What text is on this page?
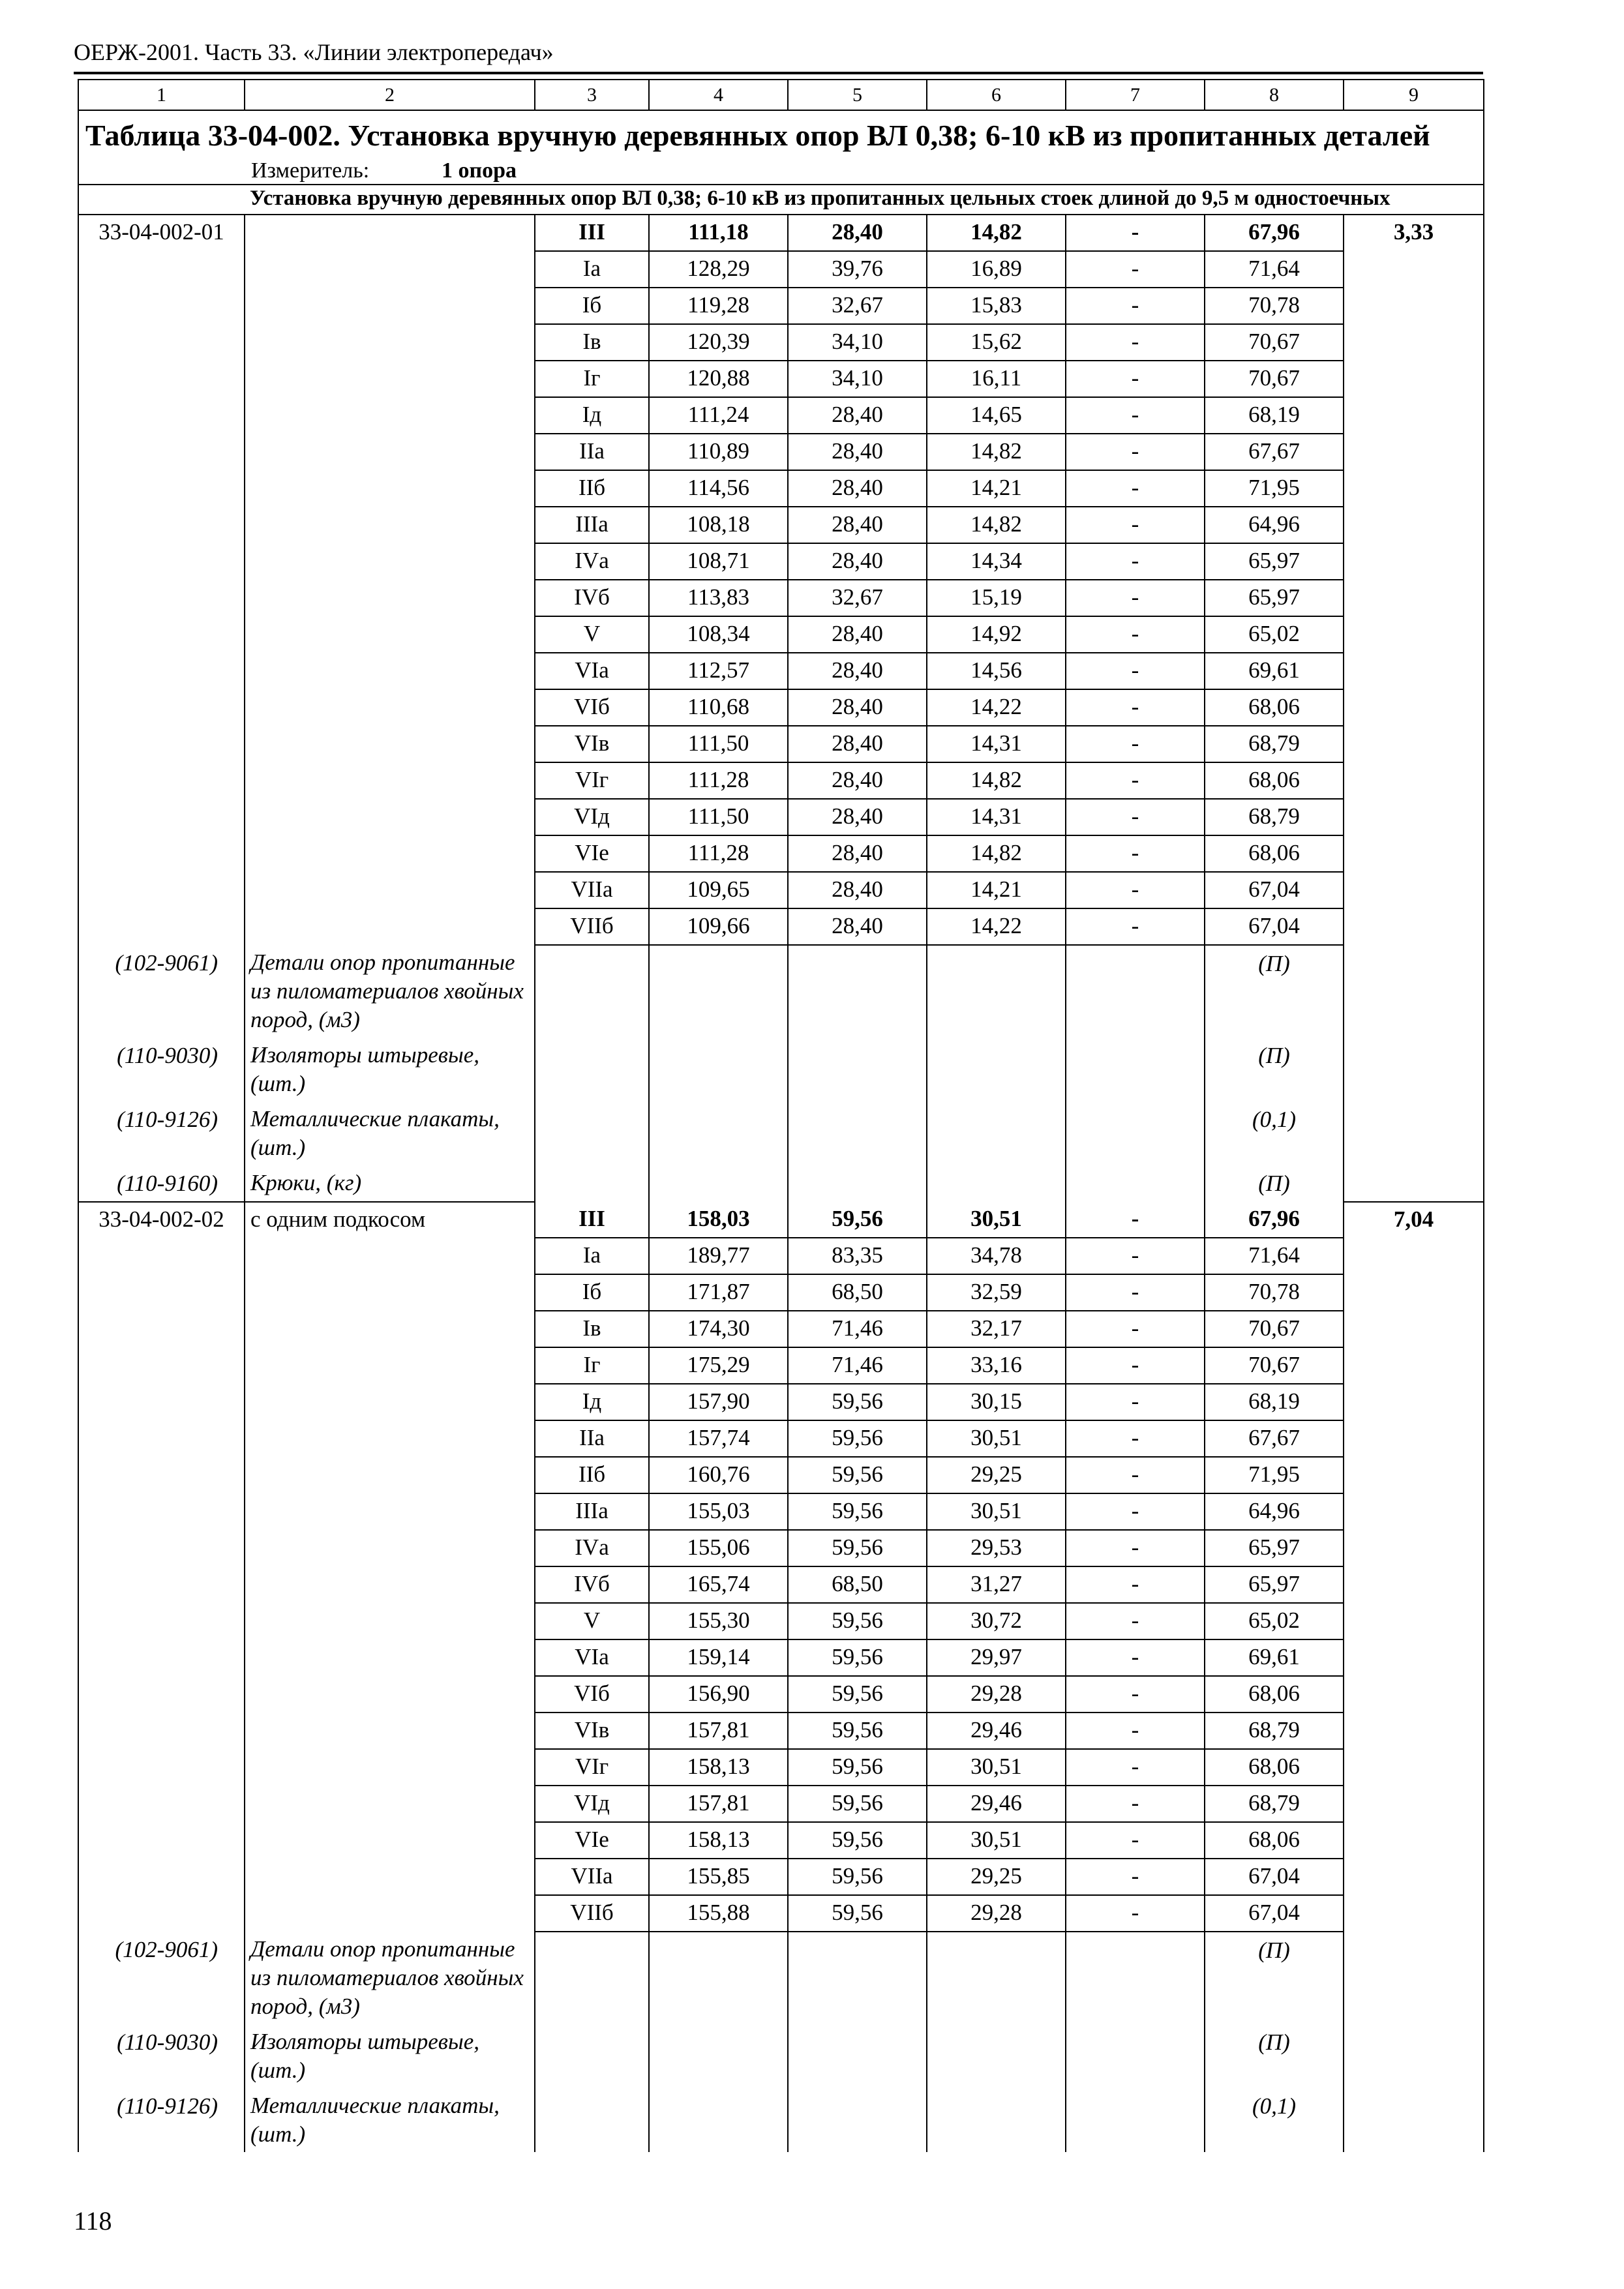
ОЕРЖ-2001. Часть 33. «Линии электропередач»
1	2	3	4	5	6	7	8	9
Таблица 33-04-002. Установка вручную деревянных опор ВЛ 0,38; 6-10 кВ из пропитанных деталей								
Измеритель: 1 опора								
	Установка вручную деревянных опор ВЛ 0,38; 6-10 кВ из пропитанных цельных стоек длиной до 9,5 м одностоечных							
33-04-002-01		III	111,18	28,40	14,82	-	67,96	3,33
		Iа	128,29	39,76	16,89	-	71,64	
		Iб	119,28	32,67	15,83	-	70,78	
		Iв	120,39	34,10	15,62	-	70,67	
		Iг	120,88	34,10	16,11	-	70,67	
		Iд	111,24	28,40	14,65	-	68,19	
		IIа	110,89	28,40	14,82	-	67,67	
		IIб	114,56	28,40	14,21	-	71,95	
		IIIа	108,18	28,40	14,82	-	64,96	
		IVа	108,71	28,40	14,34	-	65,97	
		IVб	113,83	32,67	15,19	-	65,97	
		V	108,34	28,40	14,92	-	65,02	
		VIа	112,57	28,40	14,56	-	69,61	
		VIб	110,68	28,40	14,22	-	68,06	
		VIв	111,50	28,40	14,31	-	68,79	
		VIг	111,28	28,40	14,82	-	68,06	
		VIд	111,50	28,40	14,31	-	68,79	
		VIе	111,28	28,40	14,82	-	68,06	
		VIIа	109,65	28,40	14,21	-	67,04	
		VIIб	109,66	28,40	14,22	-	67,04	
(102-9061)	Детали опор пропитанные из пиломатериалов хвойных пород, (м3)						(П)	
(110-9030)	Изоляторы штыревые, (шт.)						(П)	
(110-9126)	Металлические плакаты, (шт.)						(0,1)	
(110-9160)	Крюки, (кг)						(П)	
33-04-002-02	с одним подкосом	III	158,03	59,56	30,51	-	67,96	7,04
		Iа	189,77	83,35	34,78	-	71,64	
		Iб	171,87	68,50	32,59	-	70,78	
		Iв	174,30	71,46	32,17	-	70,67	
		Iг	175,29	71,46	33,16	-	70,67	
		Iд	157,90	59,56	30,15	-	68,19	
		IIа	157,74	59,56	30,51	-	67,67	
		IIб	160,76	59,56	29,25	-	71,95	
		IIIа	155,03	59,56	30,51	-	64,96	
		IVа	155,06	59,56	29,53	-	65,97	
		IVб	165,74	68,50	31,27	-	65,97	
		V	155,30	59,56	30,72	-	65,02	
		VIа	159,14	59,56	29,97	-	69,61	
		VIб	156,90	59,56	29,28	-	68,06	
		VIв	157,81	59,56	29,46	-	68,79	
		VIг	158,13	59,56	30,51	-	68,06	
		VIд	157,81	59,56	29,46	-	68,79	
		VIе	158,13	59,56	30,51	-	68,06	
		VIIа	155,85	59,56	29,25	-	67,04	
		VIIб	155,88	59,56	29,28	-	67,04	
(102-9061)	Детали опор пропитанные из пиломатериалов хвойных пород, (м3)						(П)	
(110-9030)	Изоляторы штыревые, (шт.)						(П)	
(110-9126)	Металлические плакаты, (шт.)						(0,1)	
118
